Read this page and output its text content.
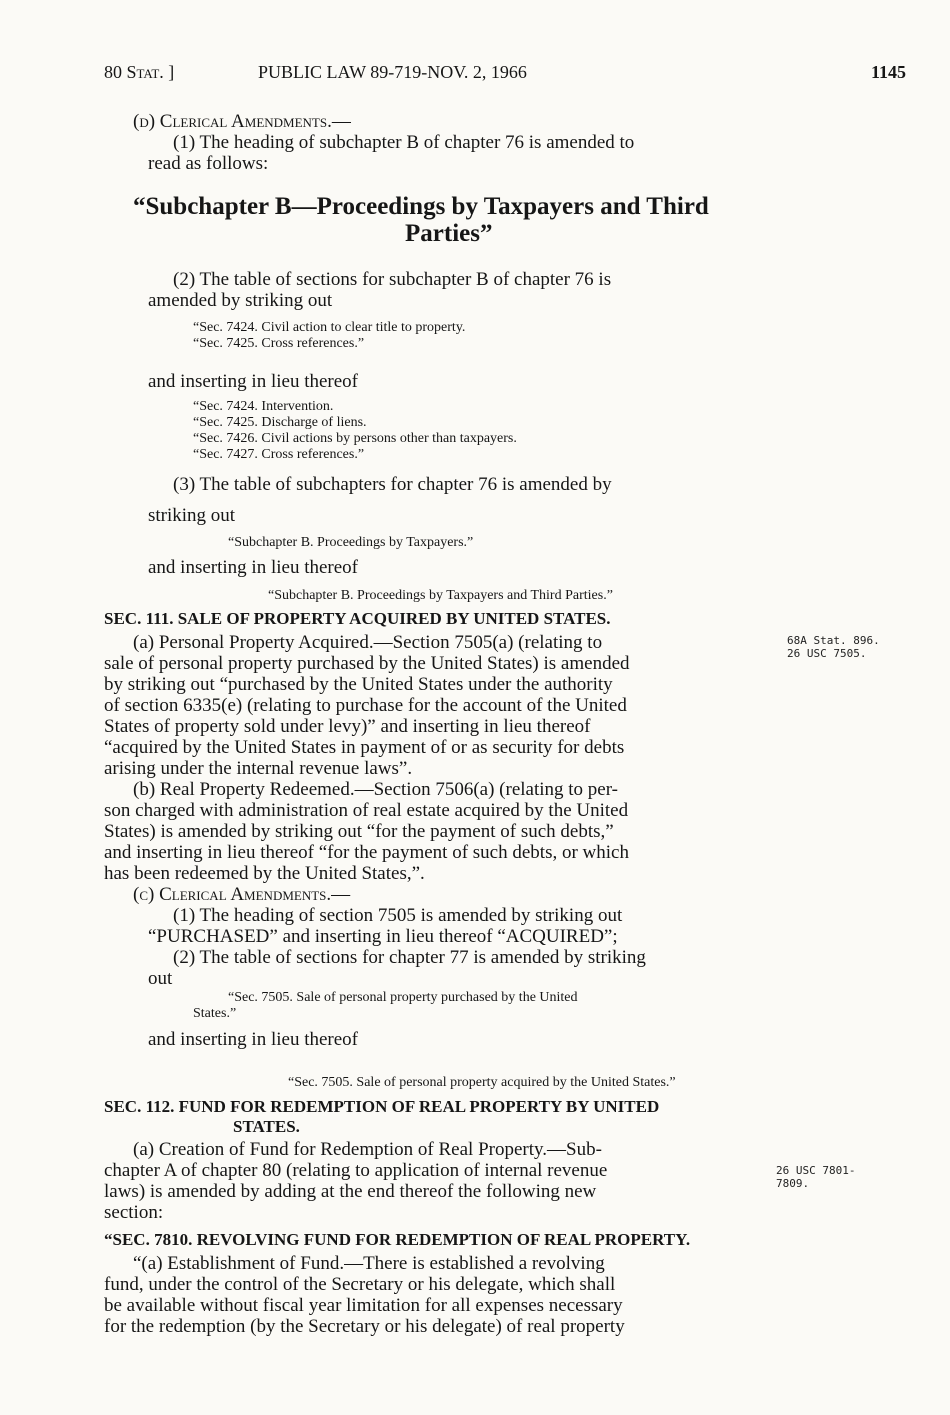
80 Stat. ]	PUBLIC LAW 89-719-NOV. 2, 1966	1145
(d) Clerical Amendments.—
(1) The heading of subchapter B of chapter 76 is amended to
read as follows:
“Subchapter B—Proceedings by Taxpayers and Third
Parties”
(2) The table of sections for subchapter B of chapter 76 is
amended by striking out
“Sec. 7424. Civil action to clear title to property.
“Sec. 7425. Cross references.”
and inserting in lieu thereof
“Sec. 7424. Intervention.
“Sec. 7425. Discharge of liens.
“Sec. 7426. Civil actions by persons other than taxpayers.
“Sec. 7427. Cross references.”
(3) The table of subchapters for chapter 76 is amended by
striking out
“Subchapter B. Proceedings by Taxpayers.”
and inserting in lieu thereof
“Subchapter B. Proceedings by Taxpayers and Third Parties.”
SEC. 111. SALE OF PROPERTY ACQUIRED BY UNITED STATES.
68A Stat. 896.
26 USC 7505.
(a) Personal Property Acquired.—Section 7505(a) (relating to
sale of personal property purchased by the United States) is amended
by striking out “purchased by the United States under the authority
of section 6335(e) (relating to purchase for the account of the United
States of property sold under levy)” and inserting in lieu thereof
“acquired by the United States in payment of or as security for debts
arising under the internal revenue laws”.
(b) Real Property Redeemed.—Section 7506(a) (relating to per-
son charged with administration of real estate acquired by the United
States) is amended by striking out “for the payment of such debts,”
and inserting in lieu thereof “for the payment of such debts, or which
has been redeemed by the United States,”.
(c) Clerical Amendments.—
(1) The heading of section 7505 is amended by striking out
“PURCHASED” and inserting in lieu thereof “ACQUIRED”;
(2) The table of sections for chapter 77 is amended by striking
out
“Sec. 7505. Sale of personal property purchased by the United
States.”
and inserting in lieu thereof
“Sec. 7505. Sale of personal property acquired by the United States.”
SEC. 112. FUND FOR REDEMPTION OF REAL PROPERTY BY UNITED
STATES.
26 USC 7801-
7809.
(a) Creation of Fund for Redemption of Real Property.—Sub-
chapter A of chapter 80 (relating to application of internal revenue
laws) is amended by adding at the end thereof the following new
section:
“SEC. 7810. REVOLVING FUND FOR REDEMPTION OF REAL PROPERTY.
“(a) Establishment of Fund.—There is established a revolving
fund, under the control of the Secretary or his delegate, which shall
be available without fiscal year limitation for all expenses necessary
for the redemption (by the Secretary or his delegate) of real property
